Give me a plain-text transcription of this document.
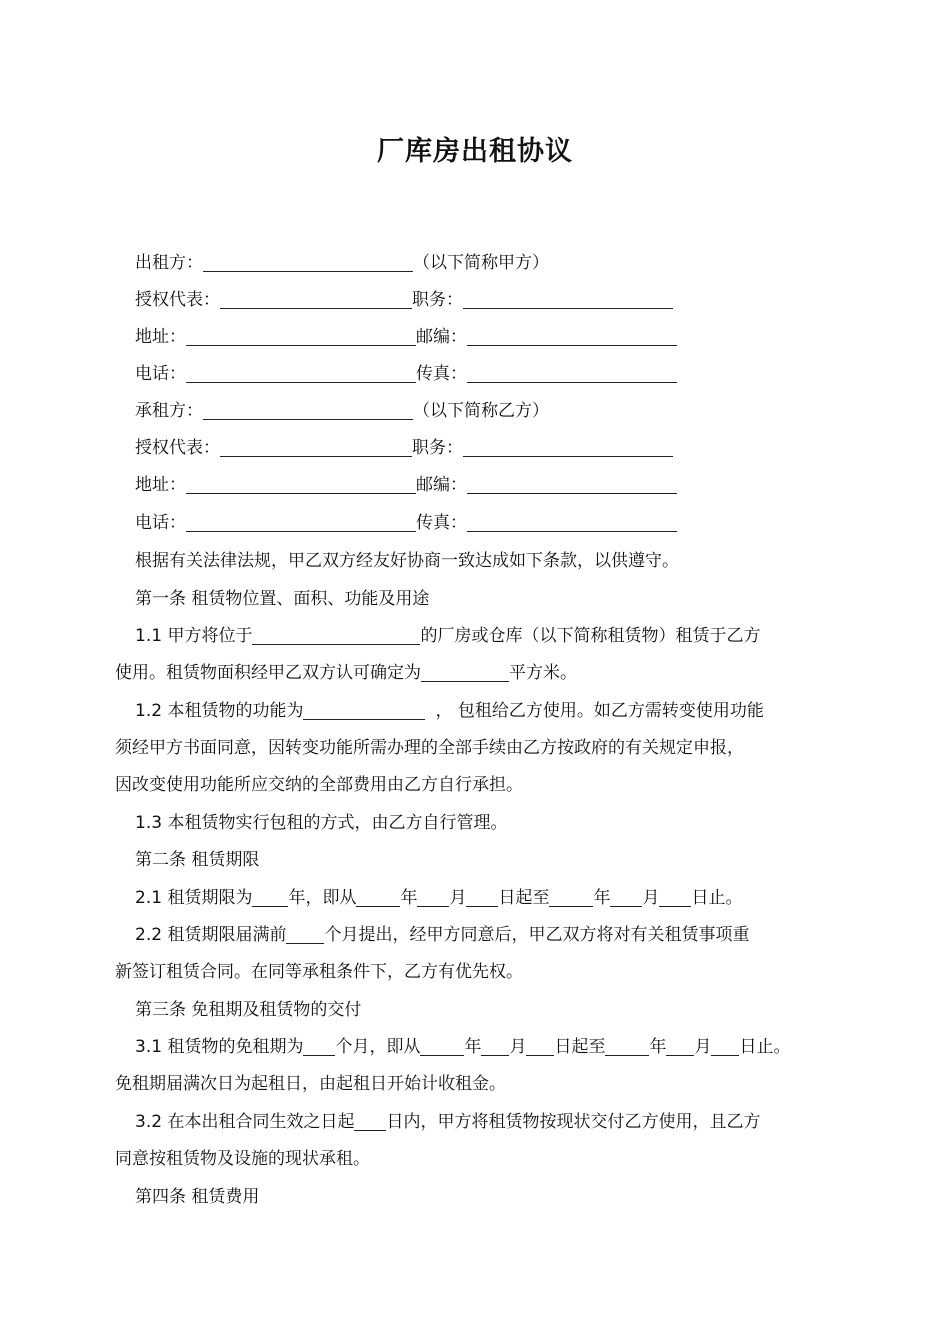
厂库房出租协议
出租方：	（以下简称甲方）
授权代表：	职务：
地址：	邮编：
电话：	传真：
承租方：	（以下简称乙方）
授权代表：	职务：
地址：	邮编：
电话：	传真：
根据有关法律法规，甲乙双方经友好协商一致达成如下条款，以供遵守。
第一条 租赁物位置、面积、功能及用途
1.1 甲方将位于	的厂房或仓库（以下简称租赁物）租赁于乙方
使用。租赁物面积经甲乙双方认可确定为	平方米。
1.2 本租赁物的功能为	， 包租给乙方使用。如乙方需转变使用功能
须经甲方书面同意，因转变功能所需办理的全部手续由乙方按政府的有关规定申报，
因改变使用功能所应交纳的全部费用由乙方自行承担。
1.3 本租赁物实行包租的方式，由乙方自行管理。
第二条 租赁期限
2.1 租赁期限为 年，即从	年 月 日起至	年 月 日止。
2.2 租赁期限届满前 个月提出，经甲方同意后，甲乙双方将对有关租赁事项重
新签订租赁合同。在同等承租条件下，乙方有优先权。
第三条 免租期及租赁物的交付
3.1 租赁物的免租期为 个月，即从	年 月 日起至	年 月 日止。
免租期届满次日为起租日，由起租日开始计收租金。
3.2 在本出租合同生效之日起 日内，甲方将租赁物按现状交付乙方使用，且乙方
同意按租赁物及设施的现状承租。
第四条 租赁费用
